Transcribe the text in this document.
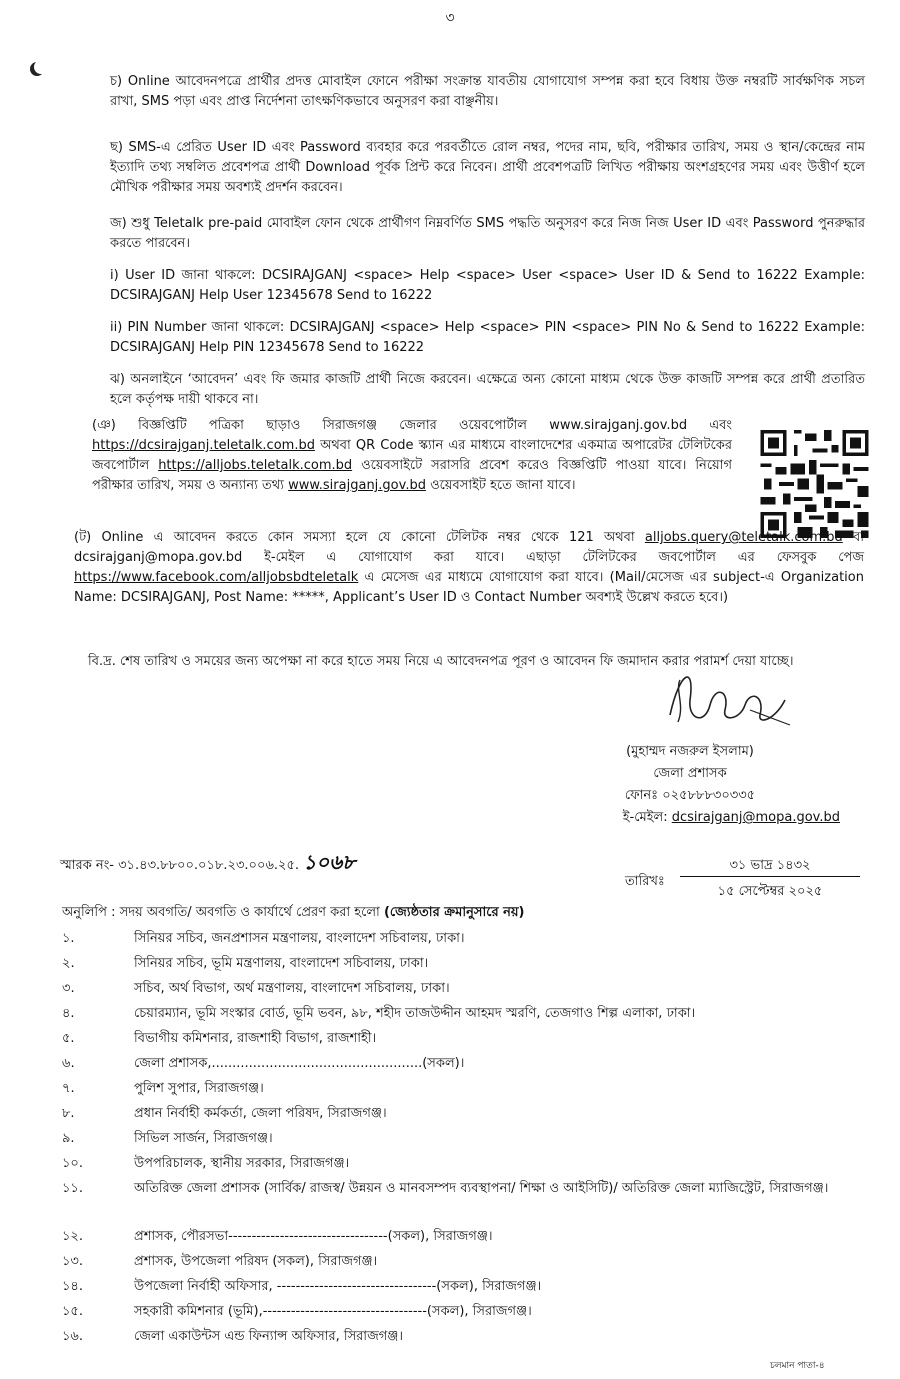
৩
চ) Online আবেদনপত্রে প্রার্থীর প্রদত্ত মোবাইল ফোনে পরীক্ষা সংক্রান্ত যাবতীয় যোগাযোগ সম্পন্ন করা হবে বিধায় উক্ত নম্বরটি সার্বক্ষণিক সচল রাখা, SMS পড়া এবং প্রাপ্ত নির্দেশনা তাৎক্ষণিকভাবে অনুসরণ করা বাঞ্ছনীয়।
ছ) SMS-এ প্রেরিত User ID এবং Password ব্যবহার করে পরবর্তীতে রোল নম্বর, পদের নাম, ছবি, পরীক্ষার তারিখ, সময় ও স্থান/কেন্দ্রের নাম ইত্যাদি তথ্য সম্বলিত প্রবেশপত্র প্রার্থী Download পূর্বক প্রিন্ট করে নিবেন। প্রার্থী প্রবেশপত্রটি লিখিত পরীক্ষায় অংশগ্রহণের সময় এবং উত্তীর্ণ হলে মৌখিক পরীক্ষার সময় অবশ্যই প্রদর্শন করবেন।
জ) শুধু Teletalk pre-paid মোবাইল ফোন থেকে প্রার্থীগণ নিম্নবর্ণিত SMS পদ্ধতি অনুসরণ করে নিজ নিজ User ID এবং Password পুনরুদ্ধার করতে পারবেন।
i) User ID জানা থাকলে: DCSIRAJGANJ <space> Help <space> User <space> User ID & Send to 16222 Example: DCSIRAJGANJ Help User 12345678 Send to 16222
ii) PIN Number জানা থাকলে: DCSIRAJGANJ <space> Help <space> PIN <space> PIN No & Send to 16222 Example: DCSIRAJGANJ Help PIN 12345678 Send to 16222
ঝ) অনলাইনে ‘আবেদন’ এবং ফি জমার কাজটি প্রার্থী নিজে করবেন। এক্ষেত্রে অন্য কোনো মাধ্যম থেকে উক্ত কাজটি সম্পন্ন করে প্রার্থী প্রতারিত হলে কর্তৃপক্ষ দায়ী থাকবে না।
(ঞ) বিজ্ঞপ্তিটি পত্রিকা ছাড়াও সিরাজগঞ্জ জেলার ওয়েবপোর্টাল www.sirajganj.gov.bd এবং https://dcsirajganj.teletalk.com.bd অথবা QR Code স্ক্যান এর মাধ্যমে বাংলাদেশের একমাত্র অপারেটর টেলিটকের জবপোর্টাল https://alljobs.teletalk.com.bd ওয়েবসাইটে সরাসরি প্রবেশ করেও বিজ্ঞপ্তিটি পাওয়া যাবে। নিয়োগ পরীক্ষার তারিখ, সময় ও অন্যান্য তথ্য www.sirajganj.gov.bd ওয়েবসাইট হতে জানা যাবে।
(ট) Online এ আবেদন করতে কোন সমস্যা হলে যে কোনো টেলিটক নম্বর থেকে 121 অথবা alljobs.query@teletalk.com.bd বা dcsirajganj@mopa.gov.bd ই-মেইল এ যোগাযোগ করা যাবে। এছাড়া টেলিটকের জবপোর্টাল এর ফেসবুক পেজ https://www.facebook.com/alljobsbdteletalk এ মেসেজ এর মাধ্যমে যোগাযোগ করা যাবে। (Mail/মেসেজ এর subject-এ Organization Name: DCSIRAJGANJ, Post Name: *****, Applicant’s User ID ও Contact Number অবশ্যই উল্লেখ করতে হবে।)
বি.দ্র. শেষ তারিখ ও সময়ের জন্য অপেক্ষা না করে হাতে সময় নিয়ে এ আবেদনপত্র পূরণ ও আবেদন ফি জমাদান করার পরামর্শ দেয়া যাচ্ছে।
(মুহাম্মদ নজরুল ইসলাম)
জেলা প্রশাসক
ফোনঃ ০২৫৮৮৮৩০৩৩৫
ই-মেইল: dcsirajganj@mopa.gov.bd
স্মারক নং- ৩১.৪৩.৮৮০০.০১৮.২৩.০০৬.২৫. ১০৬৮
তারিখঃ
৩১ ভাদ্র ১৪৩২
১৫ সেপ্টেম্বর ২০২৫
অনুলিপি : সদয় অবগতি/ অবগতি ও কার্যার্থে প্রেরণ করা হলো (জ্যেষ্ঠতার ক্রমানুসারে নয়)
১.	সিনিয়র সচিব, জনপ্রশাসন মন্ত্রণালয়, বাংলাদেশ সচিবালয়, ঢাকা।
২.	সিনিয়র সচিব, ভূমি মন্ত্রণালয়, বাংলাদেশ সচিবালয়, ঢাকা।
৩.	সচিব, অর্থ বিভাগ, অর্থ মন্ত্রণালয়, বাংলাদেশ সচিবালয়, ঢাকা।
৪.	চেয়ারম্যান, ভূমি সংস্কার বোর্ড, ভূমি ভবন, ৯৮, শহীদ তাজউদ্দীন আহমদ স্মরণি, তেজগাও শিল্প এলাকা, ঢাকা।
৫.	বিভাগীয় কমিশনার, রাজশাহী বিভাগ, রাজশাহী।
৬.	জেলা প্রশাসক,...................................................(সকল)।
৭.	পুলিশ সুপার, সিরাজগঞ্জ।
৮.	প্রধান নির্বাহী কর্মকর্তা, জেলা পরিষদ, সিরাজগঞ্জ।
৯.	সিভিল সার্জন, সিরাজগঞ্জ।
১০.	উপপরিচালক, স্থানীয় সরকার, সিরাজগঞ্জ।
১১.	অতিরিক্ত জেলা প্রশাসক (সার্বিক/ রাজস্ব/ উন্নয়ন ও মানবসম্পদ ব্যবস্থাপনা/ শিক্ষা ও আইসিটি)/ অতিরিক্ত জেলা ম্যাজিস্ট্রেট, সিরাজগঞ্জ।
১২.	প্রশাসক, পৌরসভা----------------------------------(সকল), সিরাজগঞ্জ।
১৩.	প্রশাসক, উপজেলা পরিষদ (সকল), সিরাজগঞ্জ।
১৪.	উপজেলা নির্বাহী অফিসার, ----------------------------------(সকল), সিরাজগঞ্জ।
১৫.	সহকারী কমিশনার (ভূমি),-----------------------------------(সকল), সিরাজগঞ্জ।
১৬.	জেলা একাউন্টস এন্ড ফিন্যান্স অফিসার, সিরাজগঞ্জ।
চলমান পাতা-৪
